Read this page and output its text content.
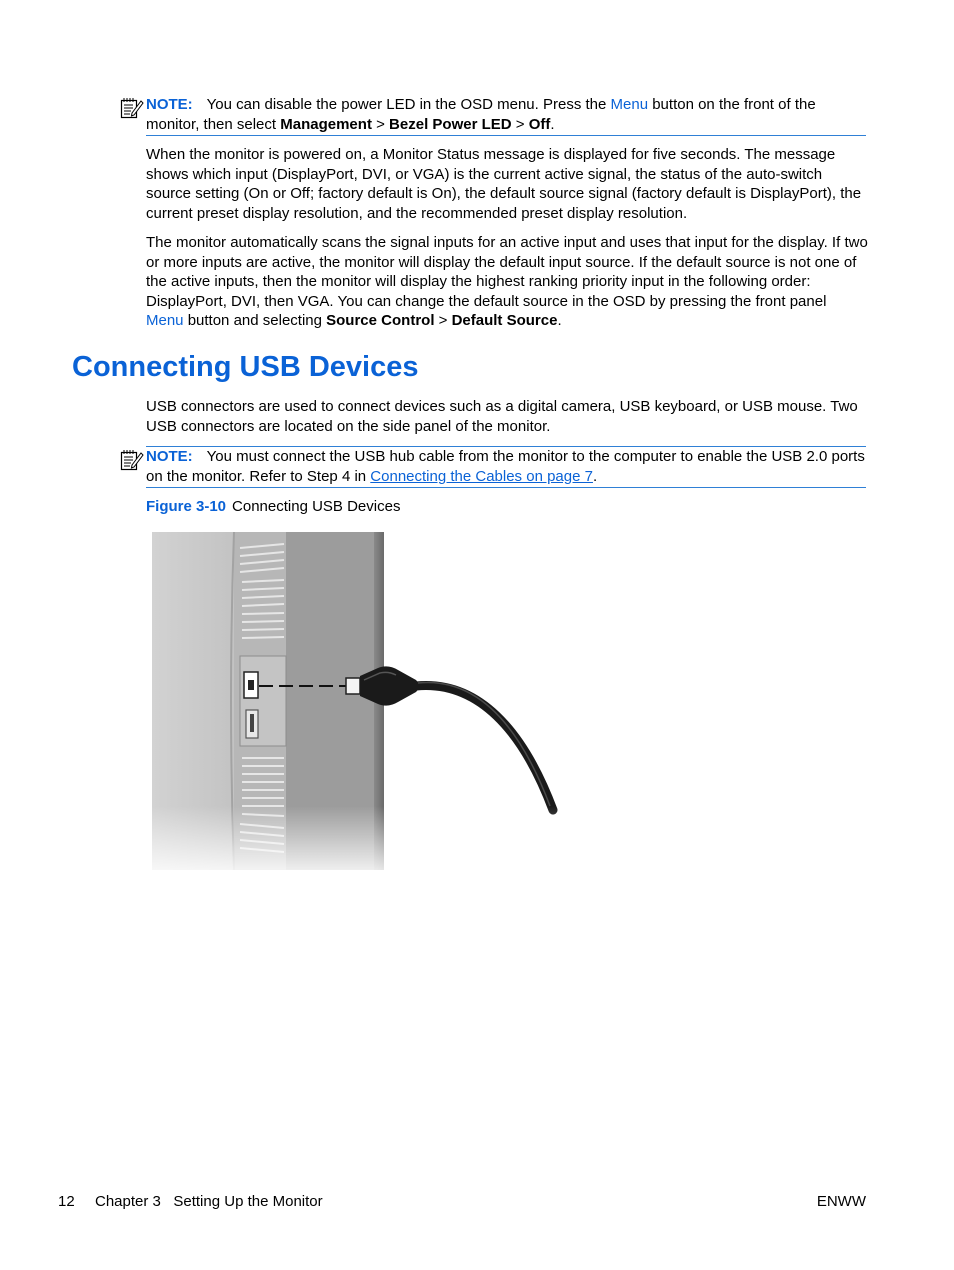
NOTE: You can disable the power LED in the OSD menu. Press the Menu button on the front of the monitor, then select Management > Bezel Power LED > Off.
When the monitor is powered on, a Monitor Status message is displayed for five seconds. The message shows which input (DisplayPort, DVI, or VGA) is the current active signal, the status of the auto-switch source setting (On or Off; factory default is On), the default source signal (factory default is DisplayPort), the current preset display resolution, and the recommended preset display resolution.
The monitor automatically scans the signal inputs for an active input and uses that input for the display. If two or more inputs are active, the monitor will display the default input source. If the default source is not one of the active inputs, then the monitor will display the highest ranking priority input in the following order: DisplayPort, DVI, then VGA. You can change the default source in the OSD by pressing the front panel Menu button and selecting Source Control > Default Source.
Connecting USB Devices
USB connectors are used to connect devices such as a digital camera, USB keyboard, or USB mouse. Two USB connectors are located on the side panel of the monitor.
NOTE: You must connect the USB hub cable from the monitor to the computer to enable the USB 2.0 ports on the monitor. Refer to Step 4 in Connecting the Cables on page 7.
Figure 3-10 Connecting USB Devices
12 Chapter 3   Setting Up the Monitor	ENWW
